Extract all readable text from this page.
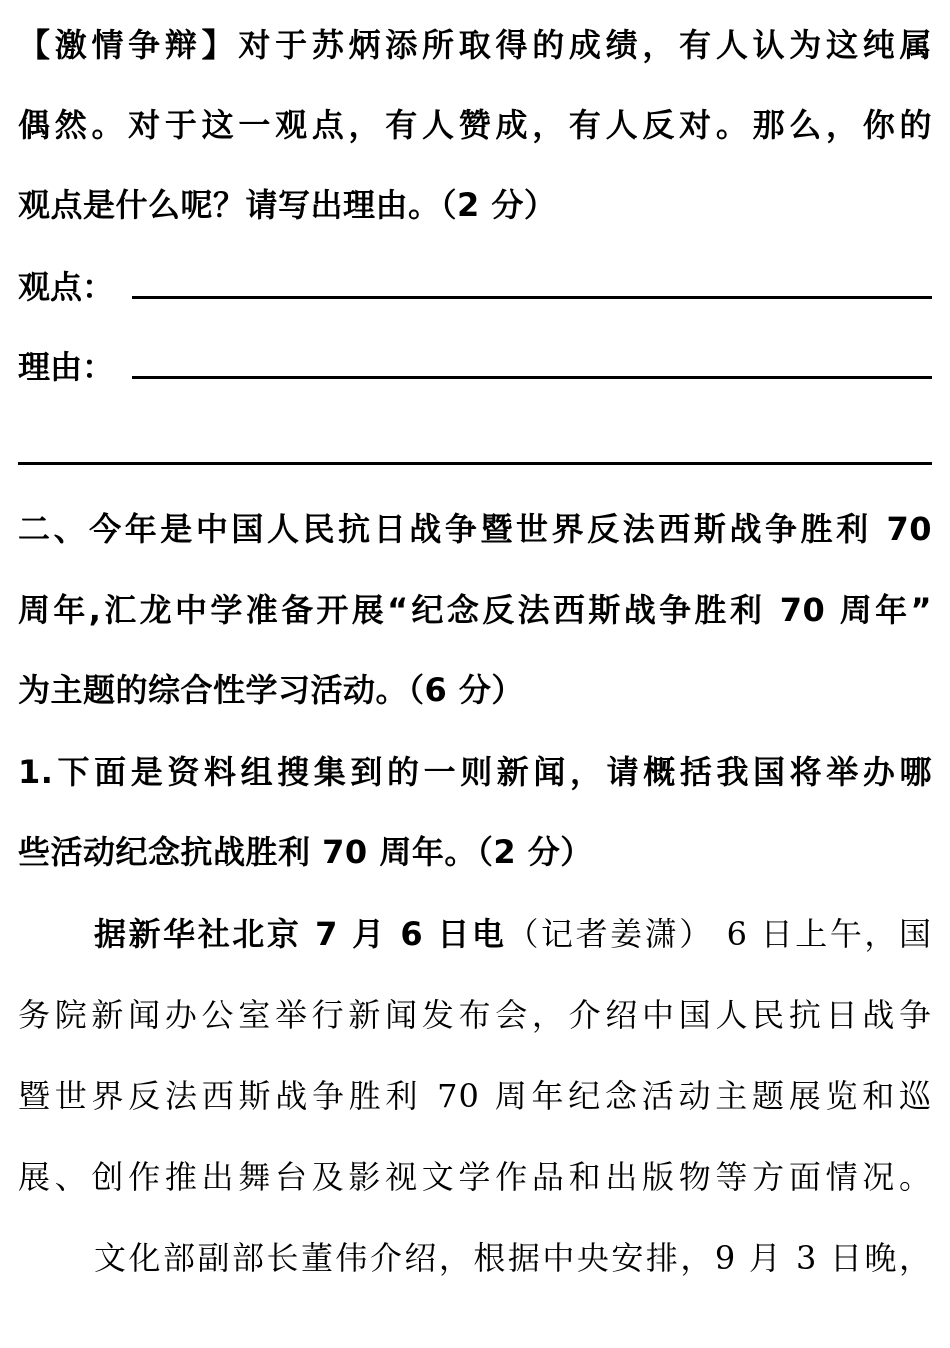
【激情争辩】对于苏炳添所取得的成绩，有人认为这纯属
偶然。对于这一观点，有人赞成，有人反对。那么，你的
观点是什么呢？请写出理由。（2 分）
观点：
理由：
二、今年是中国人民抗日战争暨世界反法西斯战争胜利 70
周年,汇龙中学准备开展“纪念反法西斯战争胜利 70 周年”
为主题的综合性学习活动。（6 分）
1.下面是资料组搜集到的一则新闻，请概括我国将举办哪
些活动纪念抗战胜利 70 周年。（2 分）
据新华社北京 7 月 6 日电（记者姜潇） 6 日上午，国
务院新闻办公室举行新闻发布会，介绍中国人民抗日战争
暨世界反法西斯战争胜利 70 周年纪念活动主题展览和巡
展、创作推出舞台及影视文学作品和出版物等方面情况。
文化部副部长董伟介绍，根据中央安排，9 月 3 日晚，
